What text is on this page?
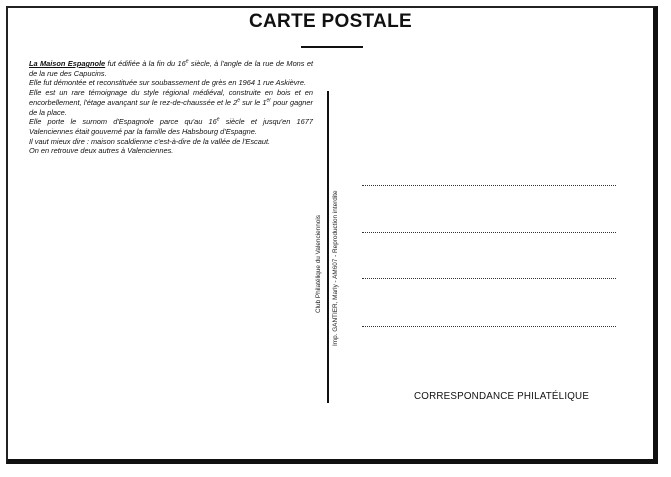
CARTE POSTALE

La Maison Espagnole fut édifiée à la fin du 16e siècle, à l'angle de la rue de Mons et de la rue des Capucins.

Elle fut démontée et reconstituée sur soubassement de grès en 1964 1 rue Askièvre.

Elle est un rare témoignage du style régional médiéval, construite en bois et en encorbellement, l'étage avançant sur le rez-de-chaussée et le 2e sur le 1er pour gagner de la place.

Elle porte le surnom d'Espagnole parce qu'au 16e siècle et jusqu'en 1677 Valenciennes était gouverné par la famille des Habsbourg d'Espagne.

Il vaut mieux dire : maison scaldienne c'est-à-dire de la vallée de l'Escaut.

On en retrouve deux autres à Valenciennes.

Club Philatélique du Valenciennois Imp. GANTIER, Marly - AM607 - Reproduction interdite
CORRESPONDANCE PHILATÉLIQUE
